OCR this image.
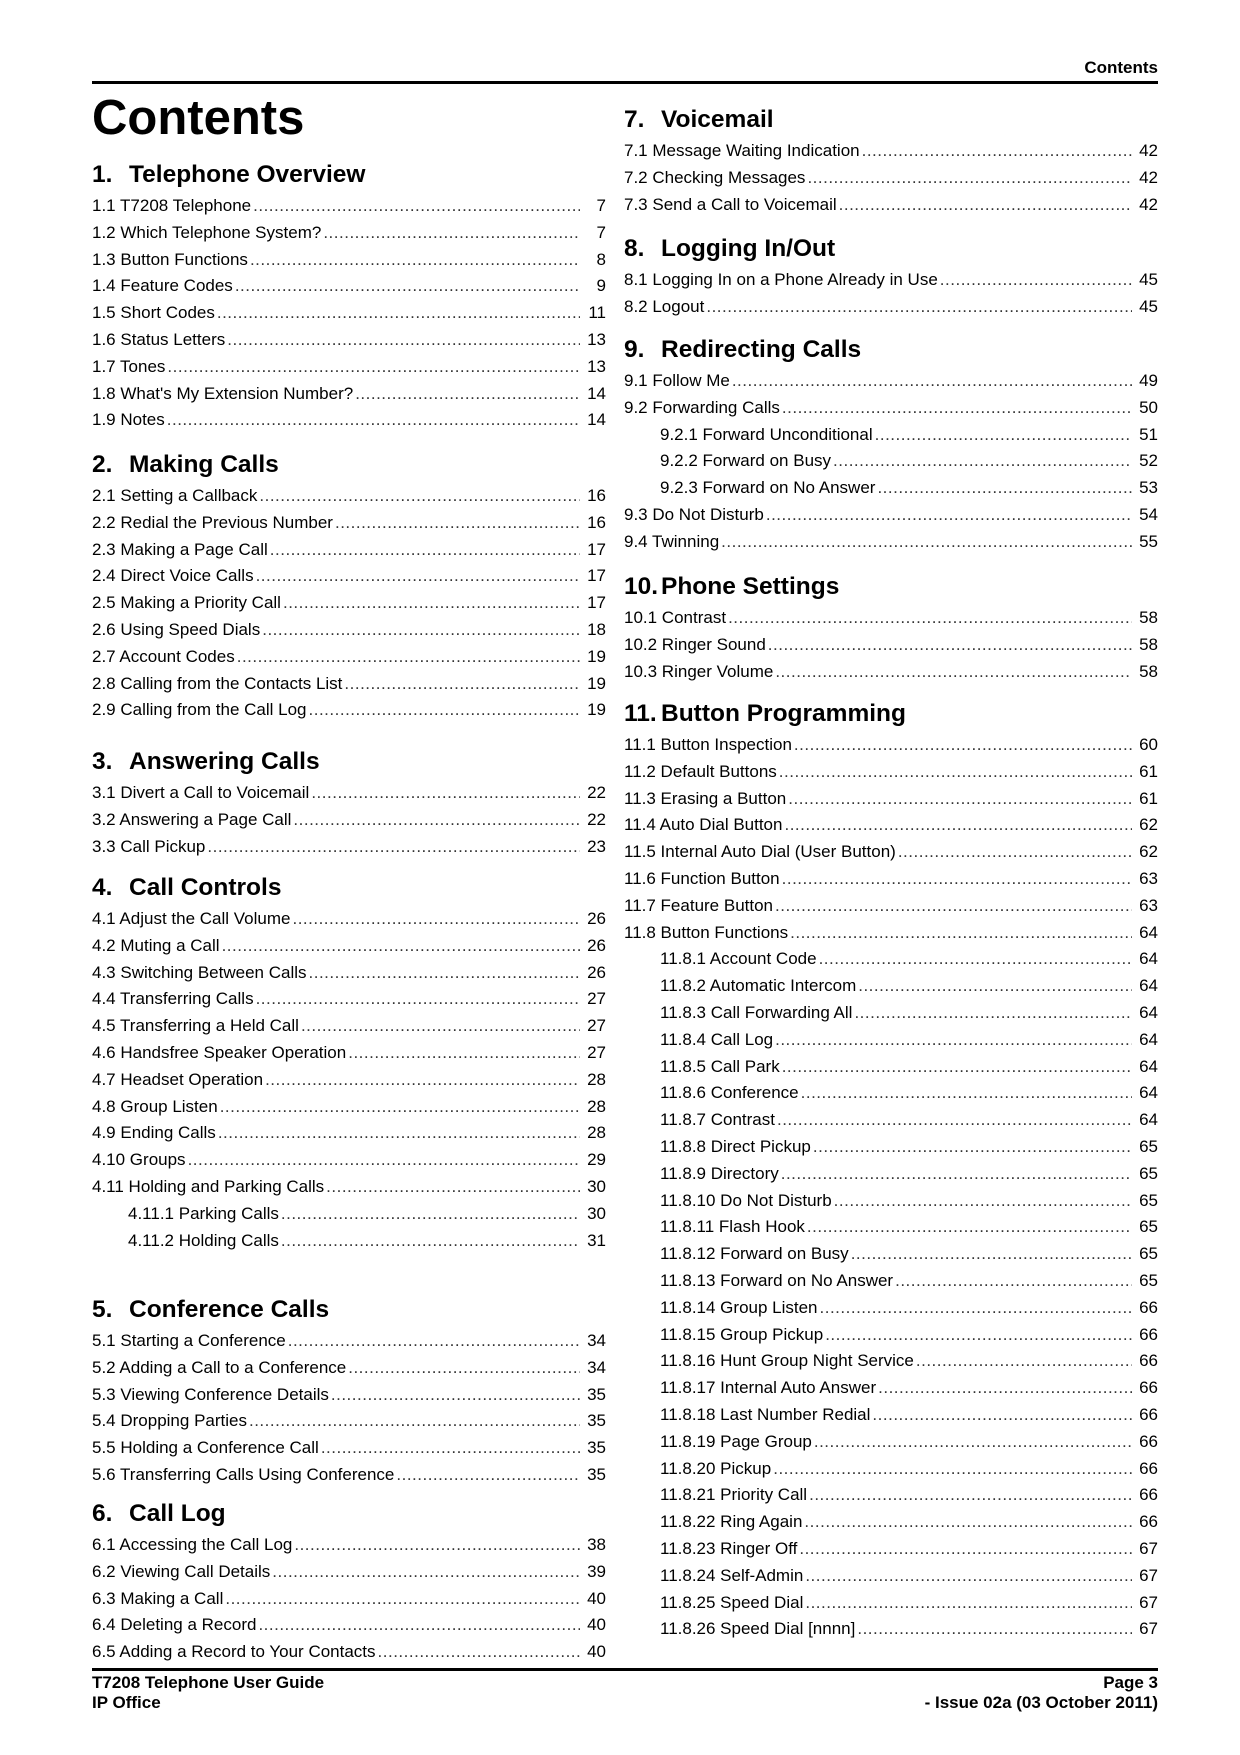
Contents
Contents
1. Telephone Overview
1.1 T7208 Telephone .....	7
1.2 Which Telephone System? .....	7
1.3 Button Functions .....	8
1.4 Feature Codes .....	9
1.5 Short Codes .....	11
1.6 Status Letters .....	13
1.7 Tones .....	13
1.8 What's My Extension Number? .....	14
1.9 Notes .....	14
2. Making Calls
2.1 Setting a Callback .....	16
2.2 Redial the Previous Number .....	16
2.3 Making a Page Call .....	17
2.4 Direct Voice Calls .....	17
2.5 Making a Priority Call .....	17
2.6 Using Speed Dials .....	18
2.7 Account Codes .....	19
2.8 Calling from the Contacts List .....	19
2.9 Calling from the Call Log .....	19
3. Answering Calls
3.1 Divert a Call to Voicemail .....	22
3.2 Answering a Page Call .....	22
3.3 Call Pickup .....	23
4. Call Controls
4.1 Adjust the Call Volume .....	26
4.2 Muting a Call .....	26
4.3 Switching Between Calls .....	26
4.4 Transferring Calls .....	27
4.5 Transferring a Held Call .....	27
4.6 Handsfree Speaker Operation .....	27
4.7 Headset Operation .....	28
4.8 Group Listen .....	28
4.9 Ending Calls .....	28
4.10 Groups .....	29
4.11 Holding and Parking Calls .....	30
4.11.1 Parking Calls .....	30
4.11.2 Holding Calls .....	31
5. Conference Calls
5.1 Starting a Conference .....	34
5.2 Adding a Call to a Conference .....	34
5.3 Viewing Conference Details .....	35
5.4 Dropping Parties .....	35
5.5 Holding a Conference Call .....	35
5.6 Transferring Calls Using Conference .....	35
6. Call Log
6.1 Accessing the Call Log .....	38
6.2 Viewing Call Details .....	39
6.3 Making a Call .....	40
6.4 Deleting a Record .....	40
6.5 Adding a Record to Your Contacts .....	40
7. Voicemail
7.1 Message Waiting Indication .....	42
7.2 Checking Messages .....	42
7.3 Send a Call to Voicemail .....	42
8. Logging In/Out
8.1 Logging In on a Phone Already in Use .....	45
8.2 Logout .....	45
9. Redirecting Calls
9.1 Follow Me .....	49
9.2 Forwarding Calls .....	50
9.2.1 Forward Unconditional .....	51
9.2.2 Forward on Busy .....	52
9.2.3 Forward on No Answer .....	53
9.3 Do Not Disturb .....	54
9.4 Twinning .....	55
10. Phone Settings
10.1 Contrast .....	58
10.2 Ringer Sound .....	58
10.3 Ringer Volume .....	58
11. Button Programming
11.1 Button Inspection .....	60
11.2 Default Buttons .....	61
11.3 Erasing a Button .....	61
11.4 Auto Dial Button .....	62
11.5 Internal Auto Dial (User Button) .....	62
11.6 Function Button .....	63
11.7 Feature Button .....	63
11.8 Button Functions .....	64
11.8.1 Account Code .....	64
11.8.2 Automatic Intercom .....	64
11.8.3 Call Forwarding All .....	64
11.8.4 Call Log .....	64
11.8.5 Call Park .....	64
11.8.6 Conference .....	64
11.8.7 Contrast .....	64
11.8.8 Direct Pickup .....	65
11.8.9 Directory .....	65
11.8.10 Do Not Disturb .....	65
11.8.11 Flash Hook .....	65
11.8.12 Forward on Busy .....	65
11.8.13 Forward on No Answer .....	65
11.8.14 Group Listen .....	66
11.8.15 Group Pickup .....	66
11.8.16 Hunt Group Night Service .....	66
11.8.17 Internal Auto Answer .....	66
11.8.18 Last Number Redial .....	66
11.8.19 Page Group .....	66
11.8.20 Pickup .....	66
11.8.21 Priority Call .....	66
11.8.22 Ring Again .....	66
11.8.23 Ringer Off .....	67
11.8.24 Self-Admin .....	67
11.8.25 Speed Dial .....	67
11.8.26 Speed Dial [nnnn] .....	67
T7208 Telephone User Guide
IP Office
Page 3
- Issue 02a (03 October 2011)
